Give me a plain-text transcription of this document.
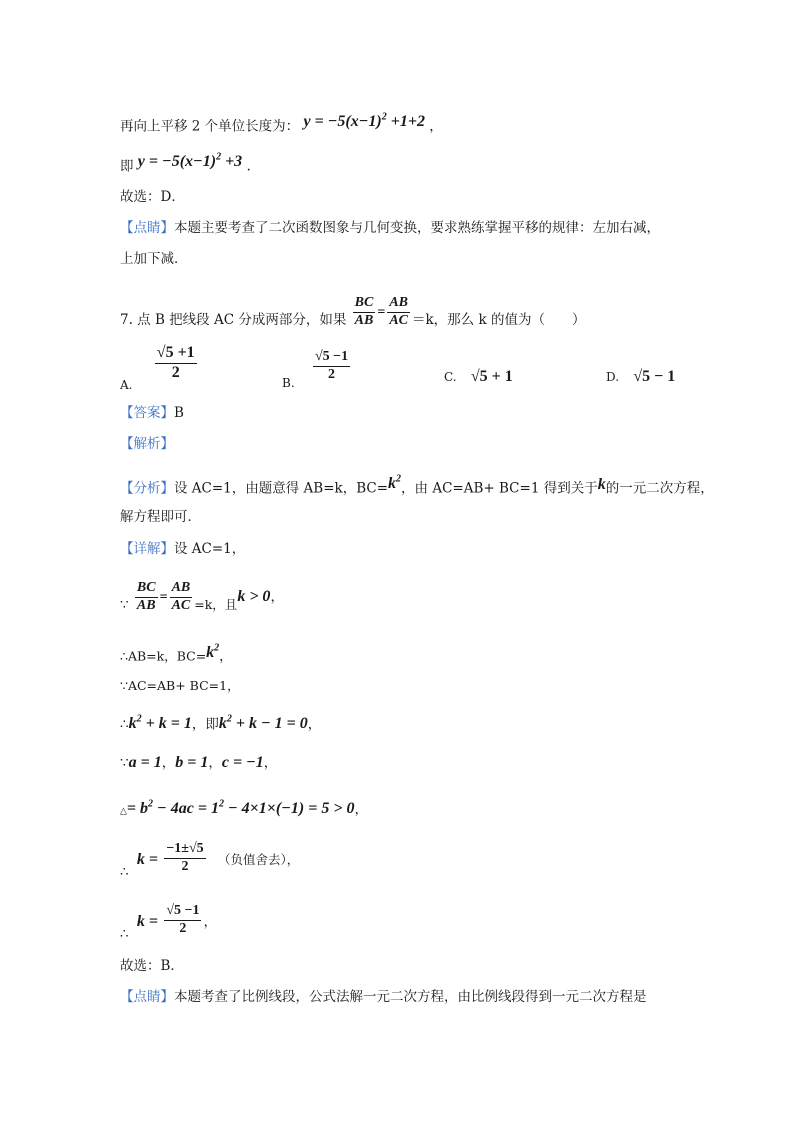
再向上平移 2 个单位长度为： $y = -5(x-1)^2 +1+2$ ，
即 $y = -5(x-1)^2 +3$ .
故选：D．
【点睛】本题主要考查了二次函数图象与几何变换，要求熟练掌握平移的规律：左加右减，
上加下减．
7. 点 B 把线段 AC 分成两部分，如果 $\frac{BC}{AB} = \frac{AB}{AC} =k$，那么 k 的值为（　　）
A.
$\frac{√5 +1}{2}$
B.
$\frac{√5 -1}{2}$	C. √5 + 1	D. √5 − 1
【答案】B
【解析】
【分析】设 AC=1，由题意得 AB=k，$BC=k^2$，由 AC=AB+ BC=1 得到关于k的一元二次方程，
解方程即可．
【详解】设 AC=1，
∵ $\frac{BC}{AB} = \frac{AB}{AC} =k$，且k > 0，
∴AB=k，$BC=k^2$，
∵AC=AB+ BC=1，
$\therefore k^2 + k = 1$，即$k^2 + k - 1 = 0$，
∵a = 1，b = 1，c = −1，
△= $b^2 - 4ac = 1^2 - 4\times 1\times(-1) = 5 > 0$，
∴ $k = \frac{-1\pm√5}{2}$ （负值舍去），
∴ $k = \frac{√5 -1}{2}$ ，
故选：B．
【点睛】本题考查了比例线段，公式法解一元二次方程，由比例线段得到一元二次方程是
